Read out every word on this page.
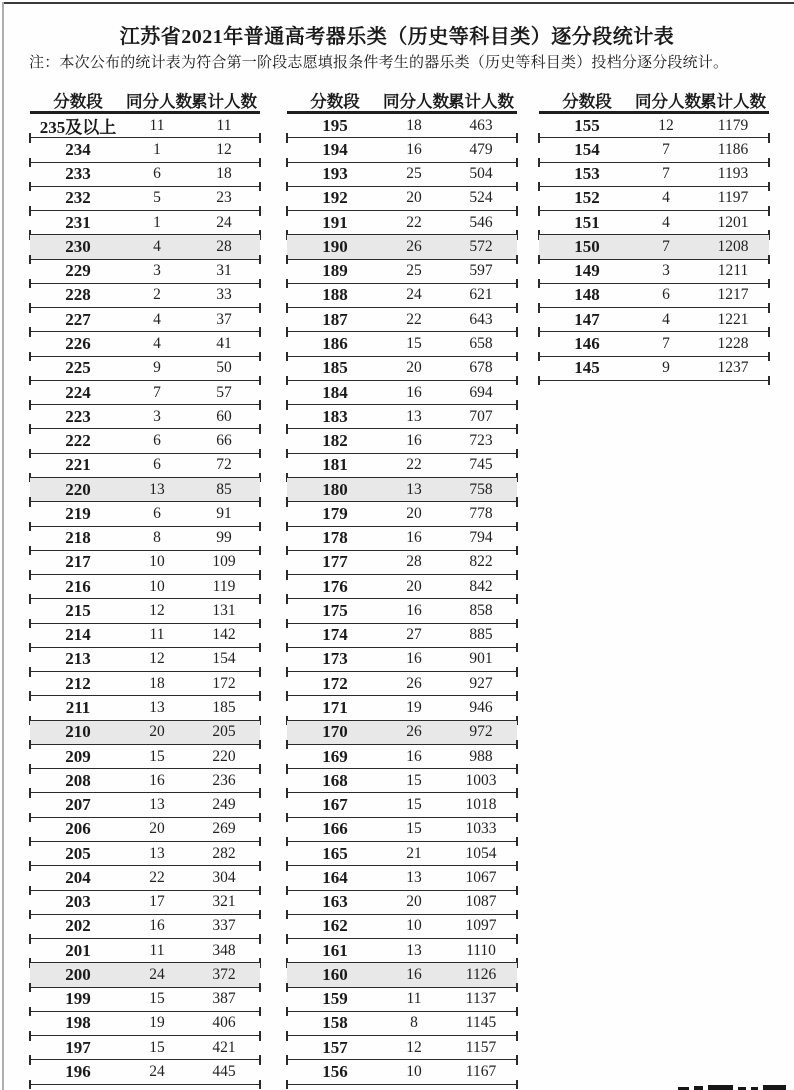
江苏省2021年普通高考器乐类（历史等科目类）逐分段统计表

注：本次公布的统计表为符合第一阶段志愿填报条件考生的器乐类（历史等科目类）投档分逐分段统计。

分数段	同分人数 累计人数
235及以上	11	11
234	1	12
233	6	18
232	5	23
231	1	24
230	4	28
229	3	31
228	2	33
227	4	37
226	4	41
225	9	50
224	7	57
223	3	60
222	6	66
221	6	72
220	13	85
219	6	91
218	8	99
217	10	109
216	10	119
215	12	131
214	11	142
213	12	154
212	18	172
211	13	185
210	20	205
209	15	220
208	16	236
207	13	249
206	20	269
205	13	282
204	22	304
203	17	321
202	16	337
201	11	348
200	24	372
199	15	387
198	19	406
197	15	421
196	24	445
分数段	同分人数 累计人数
195	18	463
194	16	479
193	25	504
192	20	524
191	22	546
190	26	572
189	25	597
188	24	621
187	22	643
186	15	658
185	20	678
184	16	694
183	13	707
182	16	723
181	22	745
180	13	758
179	20	778
178	16	794
177	28	822
176	20	842
175	16	858
174	27	885
173	16	901
172	26	927
171	19	946
170	26	972
169	16	988
168	15	1003
167	15	1018
166	15	1033
165	21	1054
164	13	1067
163	20	1087
162	10	1097
161	13	1110
160	16	1126
159	11	1137
158	8	1145
157	12	1157
156	10	1167
分数段	同分人数 累计人数
155	12	1179
154	7	1186
153	7	1193
152	4	1197
151	4	1201
150	7	1208
149	3	1211
148	6	1217
147	4	1221
146	7	1228
145	9	1237
